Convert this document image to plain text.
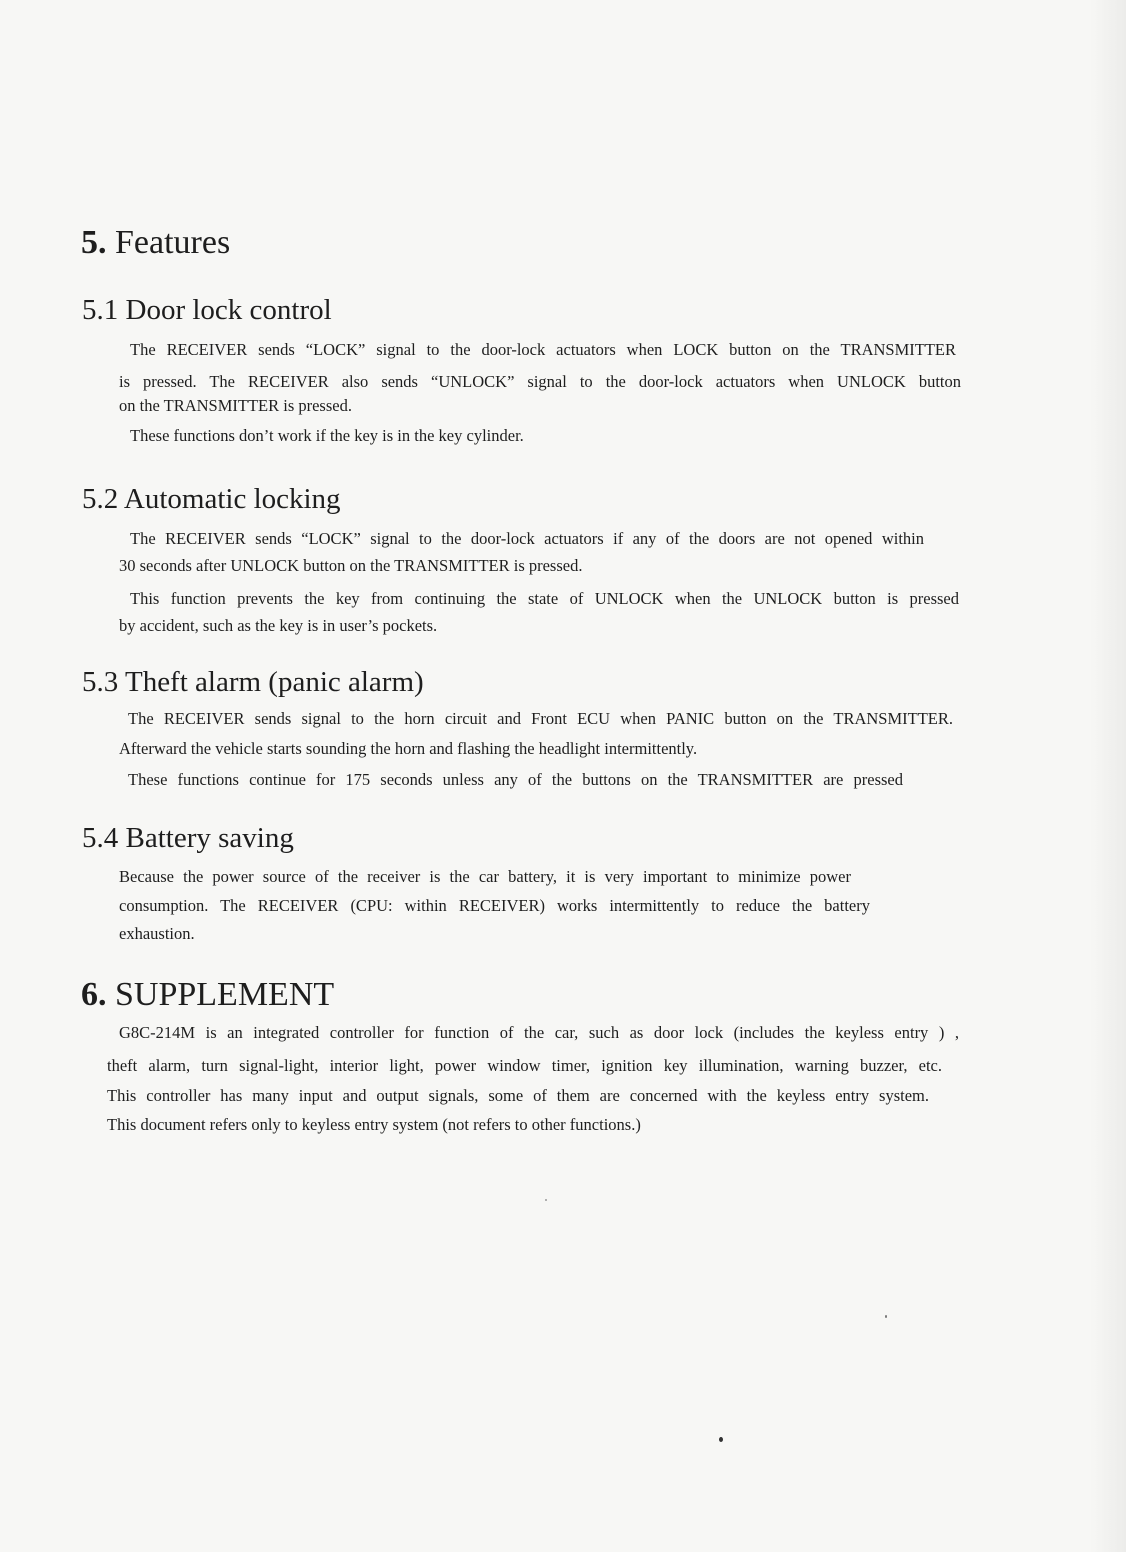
5. Features
5.1 Door lock control

The RECEIVER sends “LOCK” signal to the door-lock actuators when LOCK button on the TRANSMITTER

is pressed. The RECEIVER also sends “UNLOCK” signal to the door-lock actuators when UNLOCK button

on the TRANSMITTER is pressed.

These functions don’t work if the key is in the key cylinder.

5.2 Automatic locking

The RECEIVER sends “LOCK” signal to the door-lock actuators if any of the doors are not opened within

30 seconds after UNLOCK button on the TRANSMITTER is pressed.

This function prevents the key from continuing the state of UNLOCK when the UNLOCK button is pressed

by accident, such as the key is in user’s pockets.

5.3 Theft alarm (panic alarm)

The RECEIVER sends signal to the horn circuit and Front ECU when PANIC button on the TRANSMITTER.

Afterward the vehicle starts sounding the horn and flashing the headlight intermittently.

These functions continue for 175 seconds unless any of the buttons on the TRANSMITTER are pressed

5.4 Battery saving

Because the power source of the receiver is the car battery, it is very important to minimize power

consumption. The RECEIVER (CPU: within RECEIVER) works intermittently to reduce the battery

exhaustion.

6. SUPPLEMENT

G8C-214M is an integrated controller for function of the car, such as door lock (includes the keyless entry ) ,

theft alarm, turn signal-light, interior light, power window timer, ignition key illumination, warning buzzer, etc.

This controller has many input and output signals, some of them are concerned with the keyless entry system.

This document refers only to keyless entry system (not refers to other functions.)
